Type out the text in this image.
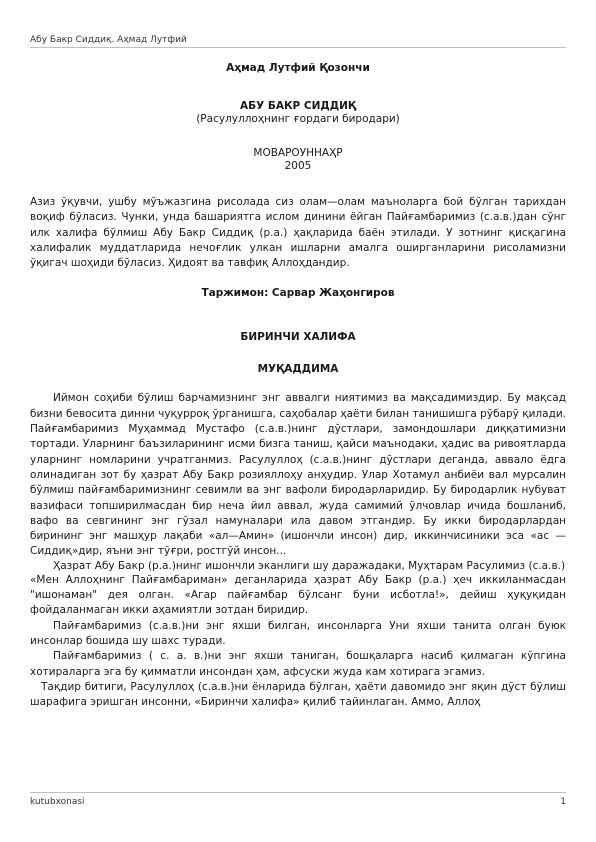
Абу Бакр Сиддиқ. Аҳмад Лутфий
Аҳмад Лутфий Қозончи
АБУ БАКР СИДДИҚ
(Расулуллоҳнинг ғордаги биродари)
МОВАРОУННАҲР
2005
Азиз ўқувчи, ушбу мўъжазгина рисолада сиз олам—олам маъноларга бой бўлган тарихдан воқиф бўласиз. Чунки, унда башариятга ислом динини ёйган Пайғамбаримиз (с.а.в.)дан сўнг илк халифа бўлмиш Абу Бакр Сиддиқ (р.а.) ҳақларида баён этилади. У зотнинг қисқагина халифалик муддатларида нечоғлик улкан ишларни амалга оширганларини рисоламизни ўқигач шоҳиди бўласиз. Ҳидоят ва тавфиқ Аллоҳдандир.
Таржимон: Сарвар Жаҳонгиров
БИРИНЧИ ХАЛИФА
МУҚАДДИМА
Иймон соҳиби бўлиш барчамизнинг энг аввалги ниятимиз ва мақсадимиздир. Бу мақсад бизни бевосита динни чуқурроқ ўрганишга, саҳобалар ҳаёти билан танишишга рўбарў қилади. Пайғамбаримиз Муҳаммад Мустафо (с.а.в.)нинг дўстлари, замондошлари диққатимизни тортади. Уларнинг баъзиларининг исми бизга таниш, қайси маънодаки, ҳадис ва ривоятларда уларнинг номларини учратганмиз. Расулуллоҳ (с.а.в.)нинг дўстлари деганда, аввало ёдга олинадиган зот бу ҳазрат Абу Бакр розияллоҳу анҳудир. Улар Хотамул анбиёи вал мурсалин бўлмиш пайғамбаримизнинг севимли ва энг вафоли биродарларидир. Бу биродарлик нубуват вазифаси топширилмасдан бир неча йил аввал, жуда самимий ўлчовлар ичида бошланиб, вафо ва севгининг энг гўзал намуналари ила давом этгандир. Бу икки биродарлардан бирининг энг машҳур лақаби «ал—Амин» (ишончли инсон) дир, иккинчисиники эса «ас —Сиддиқ»дир, яъни энг тўғри, ростгўй инсон...
Ҳазрат Абу Бакр (р.а.)нинг ишончли эканлиги шу даражадаки, Муҳтарам Расулимиз (с.а.в.)
«Мен Аллоҳнинг Пайғамбариман» деганларида ҳазрат Абу Бакр (р.а.) ҳеч иккиланмасдан "ишонаман" дея олган. «Агар пайғамбар бўлсанг буни исботла!», дейиш ҳуқуқидан фойдаланмаган икки аҳамиятли зотдан биридир.
Пайғамбаримиз (с.а.в.)ни энг яхши билган, инсонларга Уни яхши танита олган буюк инсонлар бошида шу шахс туради.
Пайғамбаримиз ( с. а. в.)ни энг яхши таниган, бошқаларга насиб қилмаган кўпгина хотираларга эга бу қимматли инсондан ҳам, афсуски жуда кам хотирага эгамиз.
Тақдир битиги, Расулуллоҳ (с.а.в.)ни ёнларида бўлган, ҳаёти давомидо энг яқин дўст бўлиш шарафига эришган инсонни, «Биринчи халифа» қилиб тайинлаган. Аммо, Аллоҳ
kutubxonasi	1
